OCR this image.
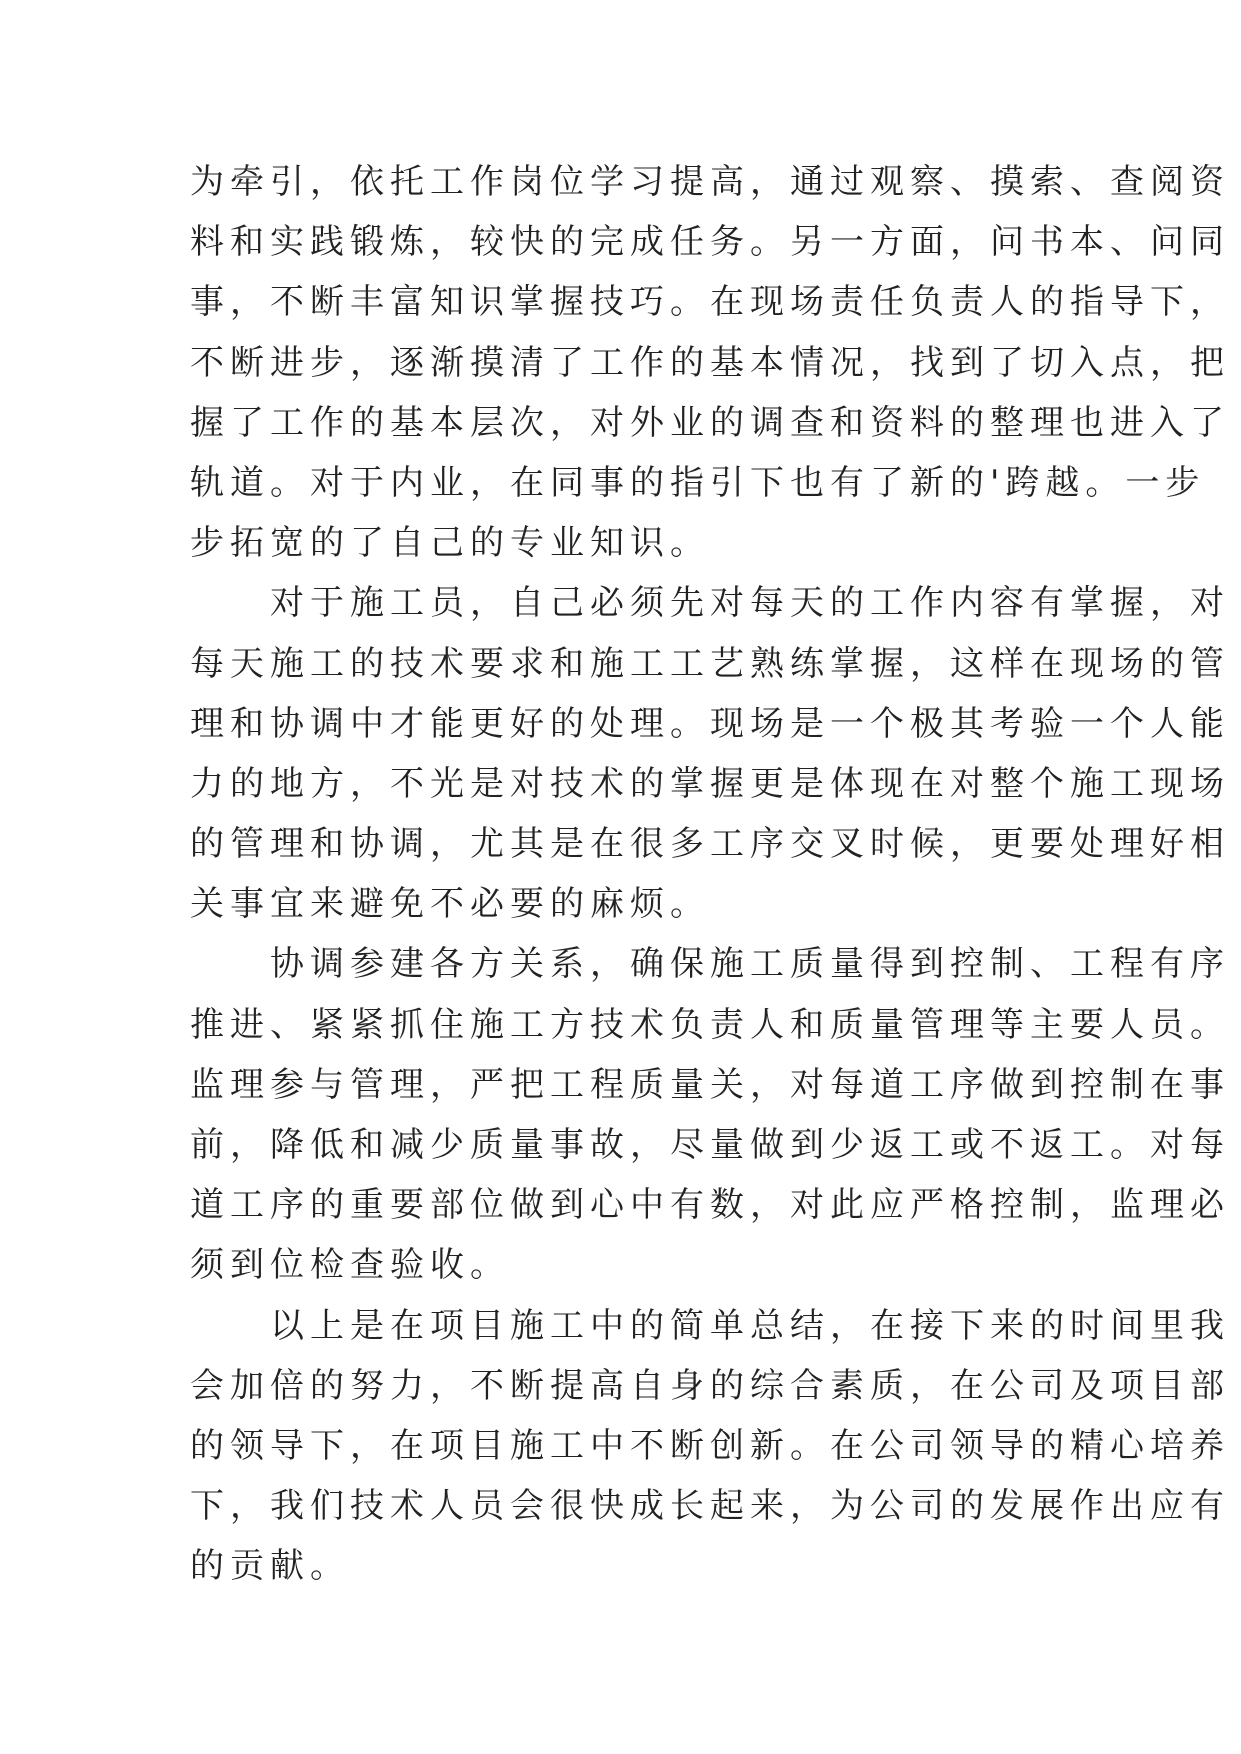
为牵引，依托工作岗位学习提高，通过观察、摸索、查阅资
料和实践锻炼，较快的完成任务。另一方面，问书本、问同
事，不断丰富知识掌握技巧。在现场责任负责人的指导下，
不断进步，逐渐摸清了工作的基本情况，找到了切入点，把
握了工作的基本层次，对外业的调查和资料的整理也进入了
轨道。对于内业，在同事的指引下也有了新的'跨越。一步
步拓宽的了自己的专业知识。
　　对于施工员，自己必须先对每天的工作内容有掌握，对
每天施工的技术要求和施工工艺熟练掌握，这样在现场的管
理和协调中才能更好的处理。现场是一个极其考验一个人能
力的地方，不光是对技术的掌握更是体现在对整个施工现场
的管理和协调，尤其是在很多工序交叉时候，更要处理好相
关事宜来避免不必要的麻烦。
　　协调参建各方关系，确保施工质量得到控制、工程有序
推进、紧紧抓住施工方技术负责人和质量管理等主要人员。
监理参与管理，严把工程质量关，对每道工序做到控制在事
前，降低和减少质量事故，尽量做到少返工或不返工。对每
道工序的重要部位做到心中有数，对此应严格控制，监理必
须到位检查验收。
　　以上是在项目施工中的简单总结，在接下来的时间里我
会加倍的努力，不断提高自身的综合素质，在公司及项目部
的领导下，在项目施工中不断创新。在公司领导的精心培养
下，我们技术人员会很快成长起来，为公司的发展作出应有
的贡献。
